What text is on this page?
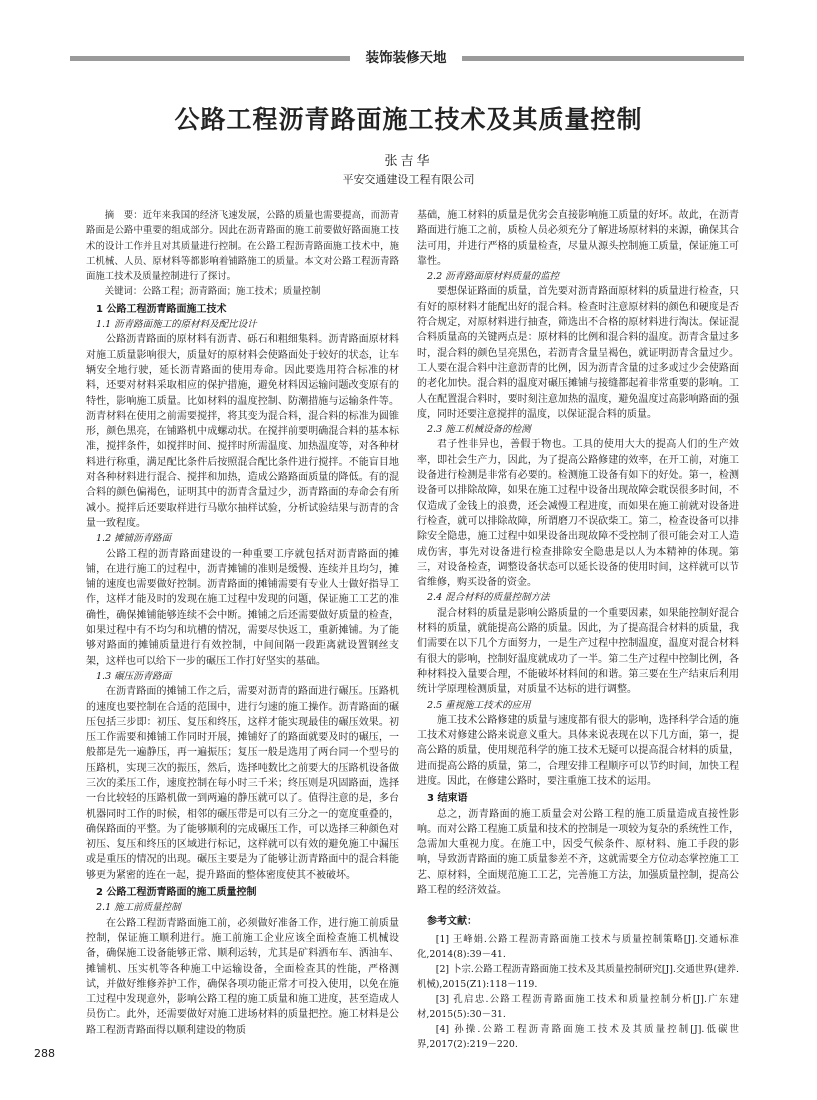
装饰装修天地
公路工程沥青路面施工技术及其质量控制
张吉华
平安交通建设工程有限公司

摘　要：近年来我国的经济飞速发展，公路的质量也需要提高，而沥青路面是公路中重要的组成部分。因此在沥青路面的施工前要做好路面施工技术的设计工作并且对其质量进行控制。在公路工程沥青路面施工技术中，施工机械、人员、原材料等都影响着铺路施工的质量。本文对公路工程沥青路面施工技术及质量控制进行了探讨。

关键词：公路工程；沥青路面；施工技术；质量控制

1 公路工程沥青路面施工技术
1.1 沥青路面施工的原材料及配比设计

公路沥青路面的原材料有沥青、砾石和粗细集料。沥青路面原材料对施工质量影响很大，质量好的原材料会使路面处于较好的状态，让车辆安全地行驶，延长沥青路面的使用寿命。因此要选用符合标准的材料，还要对材料采取相应的保护措施，避免材料因运输问题改变原有的特性，影响施工质量。比如材料的温度控制、防潮措施与运输条件等。沥青材料在使用之前需要搅拌，将其变为混合料，混合料的标准为圆锥形，颜色黑亮，在铺路机中成螺动状。在搅拌前要明确混合料的基本标准，搅拌条件，如搅拌时间、搅拌时所需温度、加热温度等，对各种材料进行称重，满足配比条件后按照混合配比条件进行搅拌。不能盲目地对各种材料进行混合、搅拌和加热，造成公路路面质量的降低。有的混合料的颜色偏褐色，证明其中的沥青含量过少，沥青路面的寿命会有所减小。搅拌后还要取样进行马歇尔抽样试验，分析试验结果与沥青的含量一致程度。

1.2 摊铺沥青路面

公路工程的沥青路面建设的一种重要工序就包括对沥青路面的摊铺，在进行施工的过程中，沥青摊铺的准则是缓慢、连续并且均匀，摊铺的速度也需要做好控制。沥青路面的摊铺需要有专业人士做好指导工作，这样才能及时的发现在施工过程中发现的问题，保证施工工艺的准确性，确保摊铺能够连续不会中断。摊铺之后还需要做好质量的检查，如果过程中有不均匀和坑槽的情况，需要尽快返工，重新摊铺。为了能够对路面的摊铺质量进行有效控制，中间间隔一段距离就设置钢丝支架，这样也可以给下一步的碾压工作打好坚实的基础。

1.3 碾压沥青路面

在沥青路面的摊铺工作之后，需要对沥青的路面进行碾压。压路机的速度也要控制在合适的范围中，进行匀速的施工操作。沥青路面的碾压包括三步即：初压、复压和终压，这样才能实现最佳的碾压效果。初压工作需要和摊铺工作同时开展，摊铺好了的路面就要及时的碾压，一般都是先一遍静压，再一遍振压；复压一般是选用了两台同一个型号的压路机，实现三次的振压，然后，选择吨数比之前要大的压路机设备做三次的柔压工作，速度控制在每小时三千米；终压则是巩固路面，选择一台比较轻的压路机做一到两遍的静压就可以了。值得注意的是，多台机器同时工作的时候，相邻的碾压带是可以有三分之一的宽度重叠的，确保路面的平整。为了能够顺利的完成碾压工作，可以选择三种颜色对初压、复压和终压的区域进行标记，这样就可以有效的避免施工中漏压或是重压的情况的出现。碾压主要是为了能够让沥青路面中的混合料能够更为紧密的连在一起，提升路面的整体密度使其不被破坏。

2 公路工程沥青路面的施工质量控制
2.1 施工前质量控制

在公路工程沥青路面施工前，必须做好准备工作，进行施工前质量控制，保证施工顺利进行。施工前施工企业应该全面检查施工机械设备，确保施工设备能够正常、顺利运转，尤其是矿料洒布车、洒油车、摊铺机、压实机等各种施工中运输设备，全面检查其的性能，严格测试，并做好维修养护工作，确保各项功能正常才可投入使用，以免在施工过程中发现意外，影响公路工程的施工质量和施工进度，甚至造成人员伤亡。此外，还需要做好对施工进场材料的质量把控。施工材料是公路工程沥青路面得以顺利建设的物质

基础，施工材料的质量是优劣会直接影响施工质量的好坏。故此，在沥青路面进行施工之前，质检人员必须充分了解进场原材料的来源，确保其合法可用，并进行严格的质量检查，尽量从源头控制施工质量，保证施工可靠性。

2.2 沥青路面原材料质量的监控

要想保证路面的质量，首先要对沥青路面原材料的质量进行检查，只有好的原材料才能配出好的混合料。检查时注意原材料的颜色和硬度是否符合规定，对原材料进行抽查，筛选出不合格的原材料进行淘汰。保证混合料质量高的关键两点是：原材料的比例和混合料的温度。沥青含量过多时，混合料的颜色呈亮黑色，若沥青含量呈褐色，就证明沥青含量过少。工人要在混合料中注意沥青的比例，因为沥青含量的过多或过少会使路面的老化加快。混合料的温度对碾压摊铺与接缝都起着非常重要的影响。工人在配置混合料时，要时刻注意加热的温度，避免温度过高影响路面的强度，同时还要注意搅拌的温度，以保证混合料的质量。

2.3 施工机械设备的检测

君子性非异也，善假于物也。工具的使用大大的提高人们的生产效率，即社会生产力，因此，为了提高公路修建的效率，在开工前，对施工设备进行检测是非常有必要的。检测施工设备有如下的好处。第一，检测设备可以排除故障，如果在施工过程中设备出现故障会耽误很多时间，不仅造成了金钱上的浪费，还会减慢工程进度，而如果在施工前就对设备进行检查，就可以排除故障，所谓磨刀不误砍柴工。第二，检查设备可以排除安全隐患，施工过程中如果设备出现故障不受控制了很可能会对工人造成伤害，事先对设备进行检查排除安全隐患是以人为本精神的体现。第三，对设备检查，调整设备状态可以延长设备的使用时间，这样就可以节省维修，购买设备的资金。

2.4 混合材料的质量控制方法

混合材料的质量是影响公路质量的一个重要因素，如果能控制好混合材料的质量，就能提高公路的质量。因此，为了提高混合材料的质量，我们需要在以下几个方面努力，一是生产过程中控制温度，温度对混合材料有很大的影响，控制好温度就成功了一半。第二生产过程中控制比例，各种材料投入量要合理，不能破坏材料间的和谐。第三要在生产结束后利用统计学原理检测质量，对质量不达标的进行调整。

2.5 重视施工技术的应用

施工技术公路修建的质量与速度都有很大的影响，选择科学合适的施工技术对修建公路来说意义重大。具体来说表现在以下几方面，第一，提高公路的质量，使用规范科学的施工技术无疑可以提高混合材料的质量，进而提高公路的质量，第二，合理安排工程顺序可以节约时间，加快工程进度。因此，在修建公路时，要注重施工技术的运用。

3 结束语

总之，沥青路面的施工质量会对公路工程的施工质量造成直接性影响。而对公路工程施工质量和技术的控制是一项较为复杂的系统性工作，急需加大重视力度。在施工中，因受气候条件、原材料、施工手段的影响，导致沥青路面的施工质量参差不齐，这就需要全方位动态掌控施工工艺、原材料，全面规范施工工艺，完善施工方法，加强质量控制，提高公路工程的经济效益。

参考文献：

[1] 王峰娟.公路工程沥青路面施工技术与质量控制策略[J].交通标准化,2014(8):39－41.

[2] 卜宗.公路工程沥青路面施工技术及其质量控制研究[J].交通世界(建养.机械),2015(Z1):118－119.

[3] 孔启忠.公路工程沥青路面施工技术和质量控制分析[J].广东建材,2015(5):30－31.

[4] 孙操.公路工程沥青路面施工技术及其质量控制[J].低碳世界,2017(2):219－220.

288
